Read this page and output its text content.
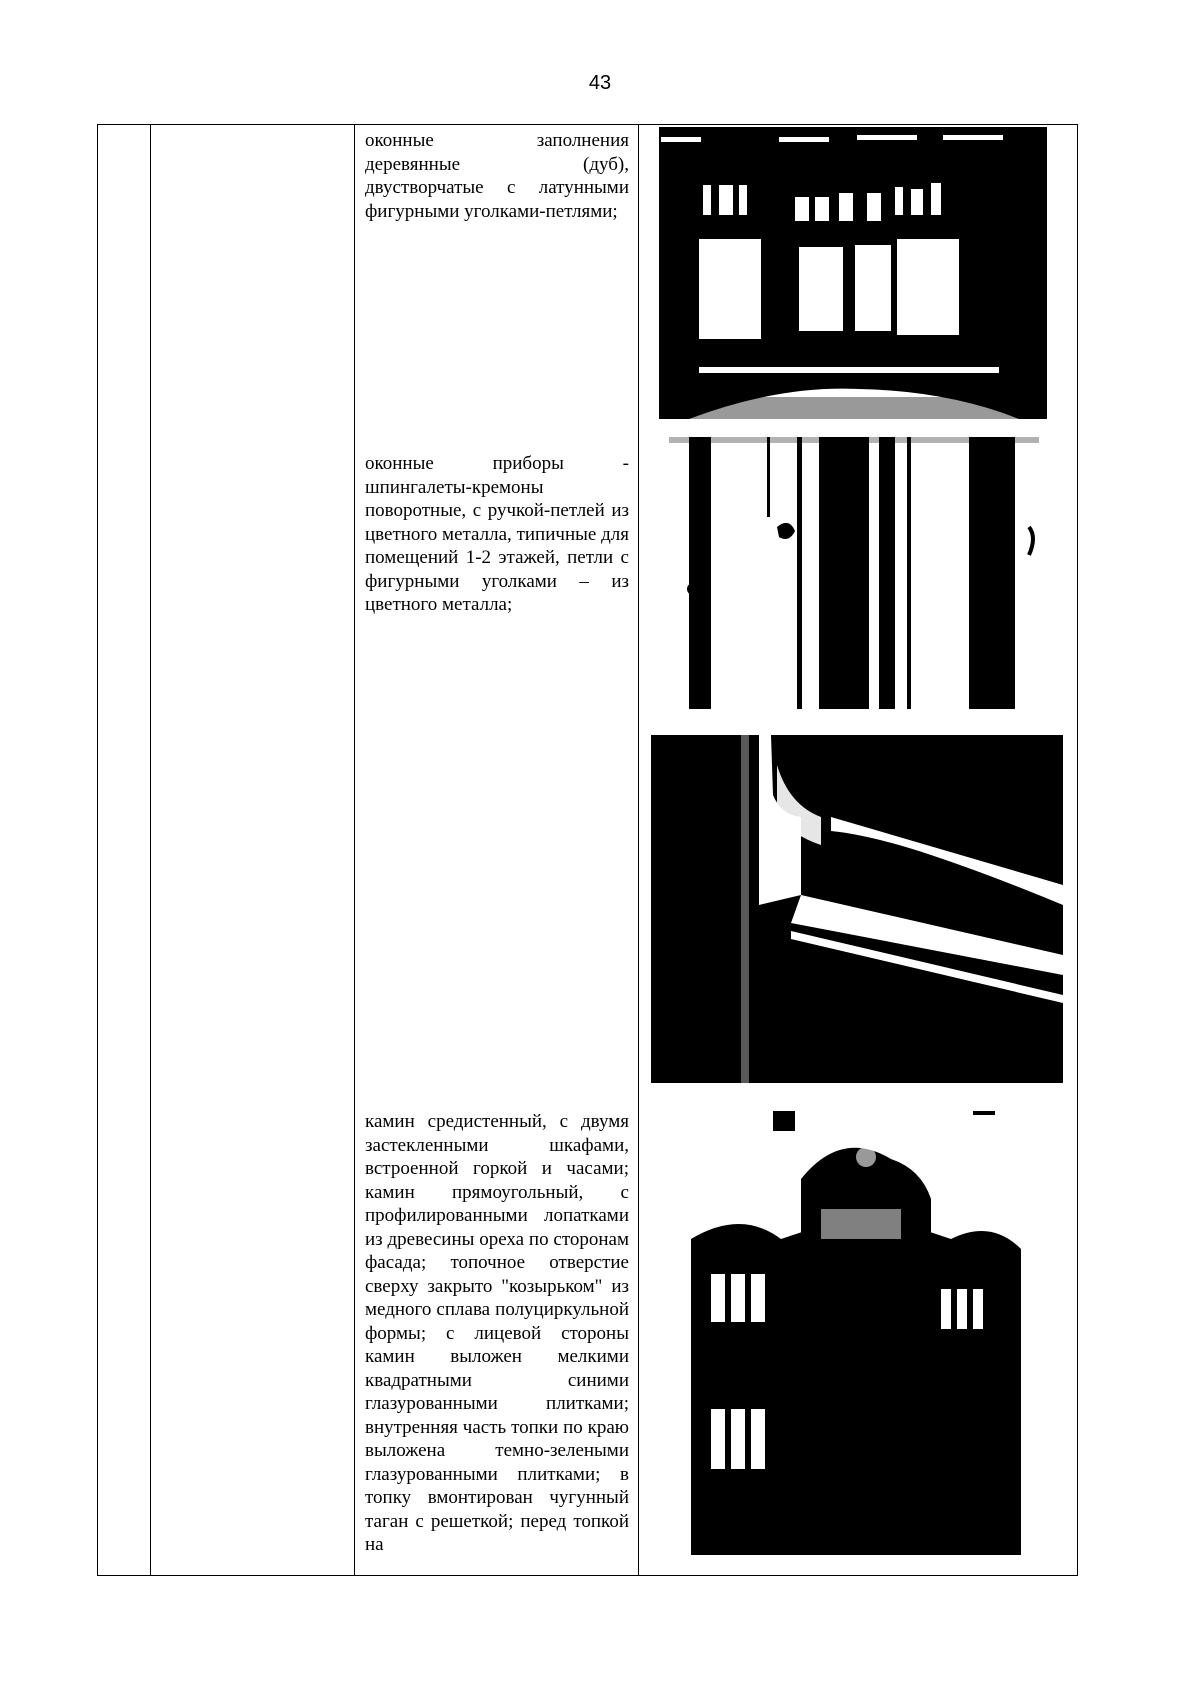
43

оконные заполнения деревянные (дуб), двустворчатые с латунными фигурными уголками-петлями;
оконные приборы - шпингалеты-кремоны поворотные, с ручкой-петлей из цветного металла, типичные для помещений 1-2 этажей, петли с фигурными уголками – из цветного металла;
камин средистенный, с двумя застекленными шкафами, встроенной горкой и часами; камин прямоугольный, с профилированными лопатками из древесины ореха по сторонам фасада; топочное отверстие сверху закрыто "козырьком" из медного сплава полуциркульной формы; с лицевой стороны камин выложен мелкими квадратными синими глазурованными плитками; внутренняя часть топки по краю выложена темно-зелеными глазурованными плитками; в топку вмонтирован чугунный таган с решеткой; перед топкой на
